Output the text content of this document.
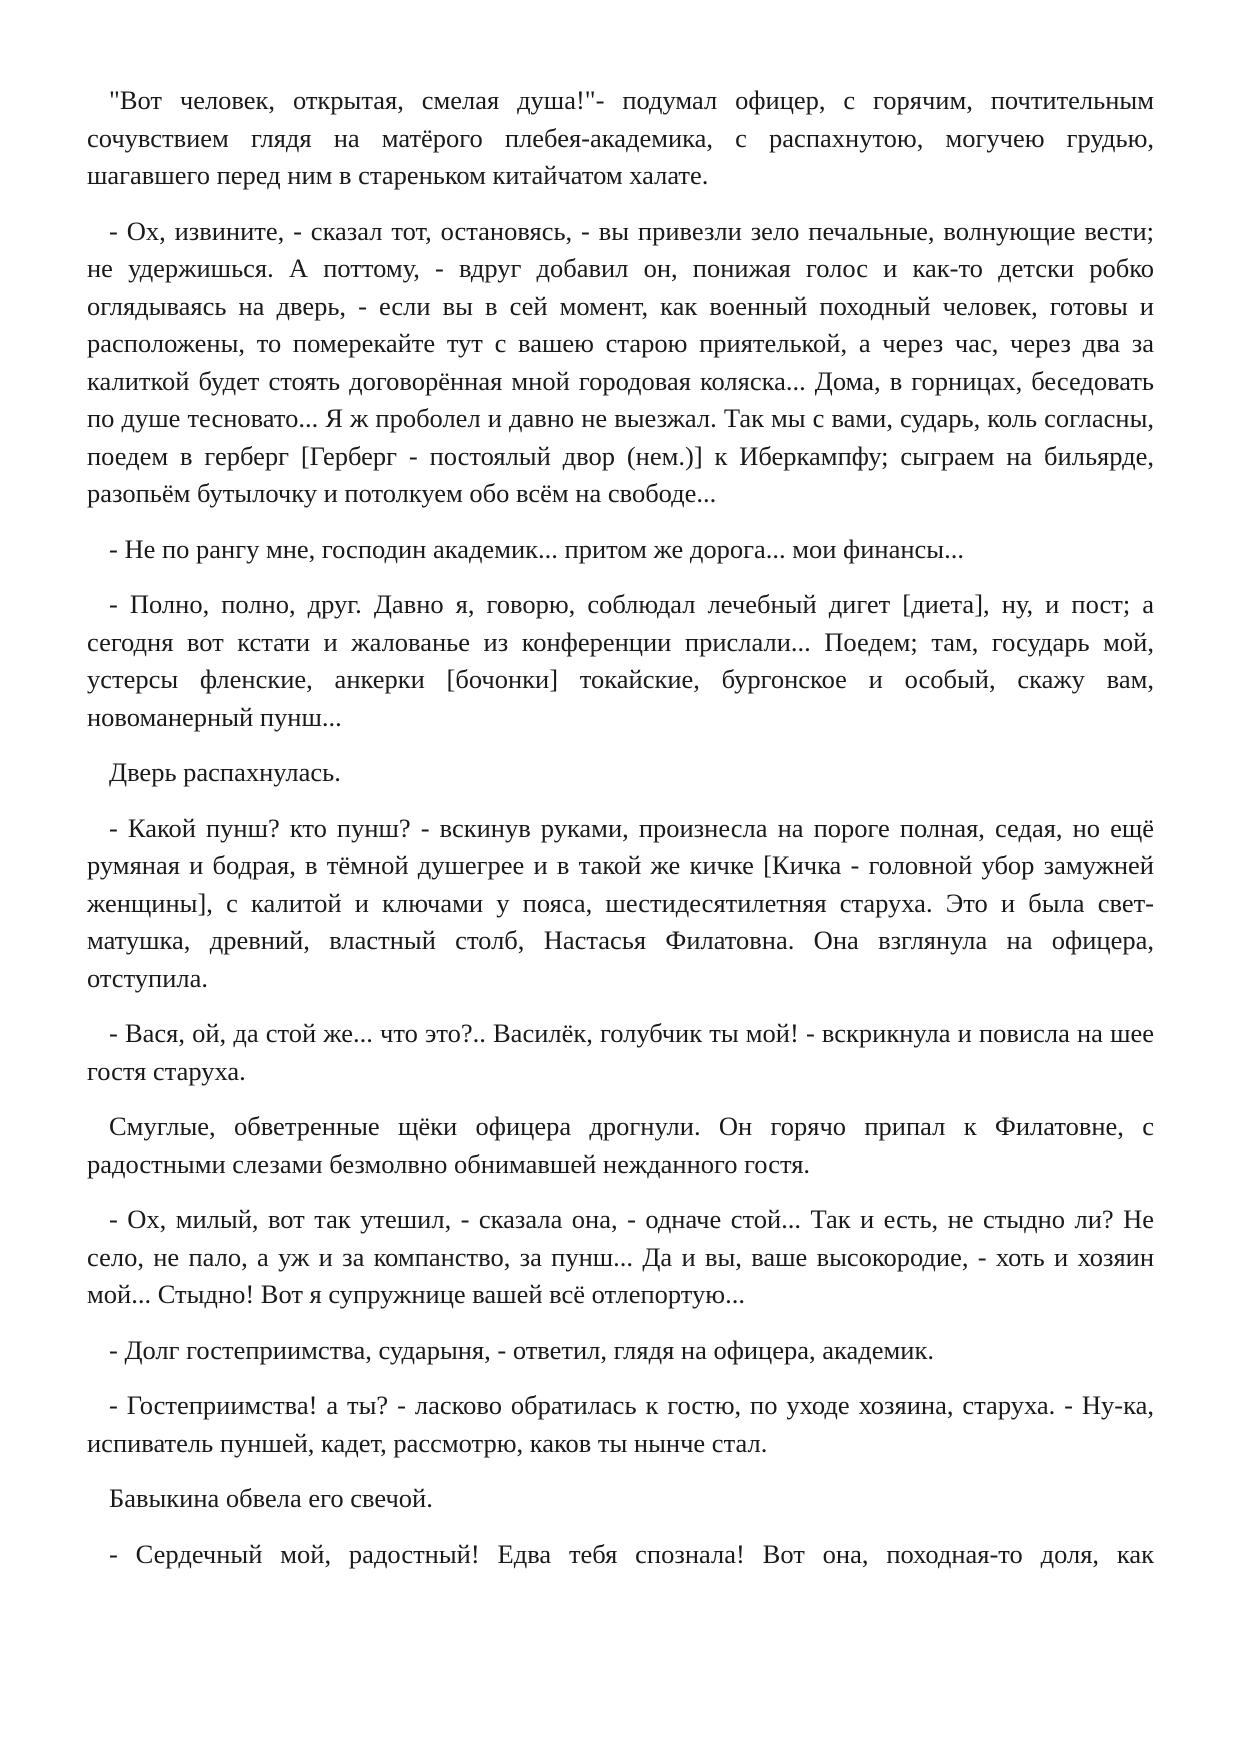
"Вот человек, открытая, смелая душа!"- подумал офицер, с горячим, почтительным сочувствием глядя на матёрого плебея-академика, с распахнутою, могучею грудью, шагавшего перед ним в стареньком китайчатом халате.

- Ох, извините, - сказал тот, остановясь, - вы привезли зело печальные, волнующие вести; не удержишься. А поттому, - вдруг добавил он, понижая голос и как-то детски робко оглядываясь на дверь, - если вы в сей момент, как военный походный человек, готовы и расположены, то померекайте тут с вашею старою приятелькой, а через час, через два за калиткой будет стоять договорённая мной городовая коляска... Дома, в горницах, беседовать по душе тесновато... Я ж проболел и давно не выезжал. Так мы с вами, сударь, коль согласны, поедем в герберг [Герберг - постоялый двор (нем.)] к Иберкампфу; сыграем на бильярде, разопьём бутылочку и потолкуем обо всём на свободе...

- Не по рангу мне, господин академик... притом же дорога... мои финансы...

- Полно, полно, друг. Давно я, говорю, соблюдал лечебный дигет [диета], ну, и пост; а сегодня вот кстати и жалованье из конференции прислали... Поедем; там, государь мой, устерсы фленские, анкерки [бочонки] токайские, бургонское и особый, скажу вам, новоманерный пунш...

Дверь распахнулась.

- Какой пунш? кто пунш? - вскинув руками, произнесла на пороге полная, седая, но ещё румяная и бодрая, в тёмной душегрее и в такой же кичке [Кичка - головной убор замужней женщины], с калитой и ключами у пояса, шестидесятилетняя старуха. Это и была свет-матушка, древний, властный столб, Настасья Филатовна. Она взглянула на офицера, отступила.

- Вася, ой, да стой же... что это?.. Василёк, голубчик ты мой! - вскрикнула и повисла на шее гостя старуха.

Смуглые, обветренные щёки офицера дрогнули. Он горячо припал к Филатовне, с радостными слезами безмолвно обнимавшей нежданного гостя.

- Ох, милый, вот так утешил, - сказала она, - одначе стой... Так и есть, не стыдно ли? Не село, не пало, а уж и за компанство, за пунш... Да и вы, ваше высокородие, - хоть и хозяин мой... Стыдно! Вот я супружнице вашей всё отлепортую...

- Долг гостеприимства, сударыня, - ответил, глядя на офицера, академик.

- Гостеприимства! а ты? - ласково обратилась к гостю, по уходе хозяина, старуха. - Ну-ка, испиватель пуншей, кадет, рассмотрю, каков ты нынче стал.

Бавыкина обвела его свечой.

- Сердечный мой, радостный! Едва тебя спознала! Вот она, походная-то доля, как
